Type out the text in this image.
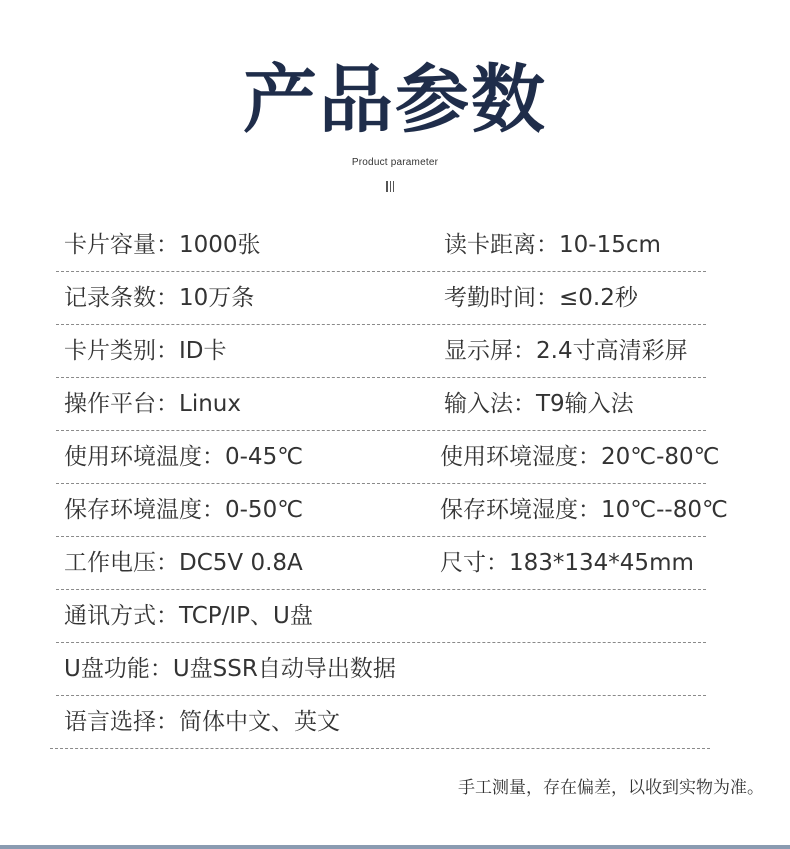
产品参数
Product parameter
卡片容量：1000张	读卡距离：10-15cm
记录条数：10万条	考勤时间：≤0.2秒
卡片类别：ID卡	显示屏：2.4寸高清彩屏
操作平台：Linux	输入法：T9输入法
使用环境温度：0-45℃	使用环境湿度：20℃-80℃
保存环境温度：0-50℃	保存环境湿度：10℃--80℃
工作电压：DC5V 0.8A	尺寸：183*134*45mm
通讯方式：TCP/IP、U盘
U盘功能：U盘SSR自动导出数据
语言选择：简体中文、英文
手工测量，存在偏差，以收到实物为准。
